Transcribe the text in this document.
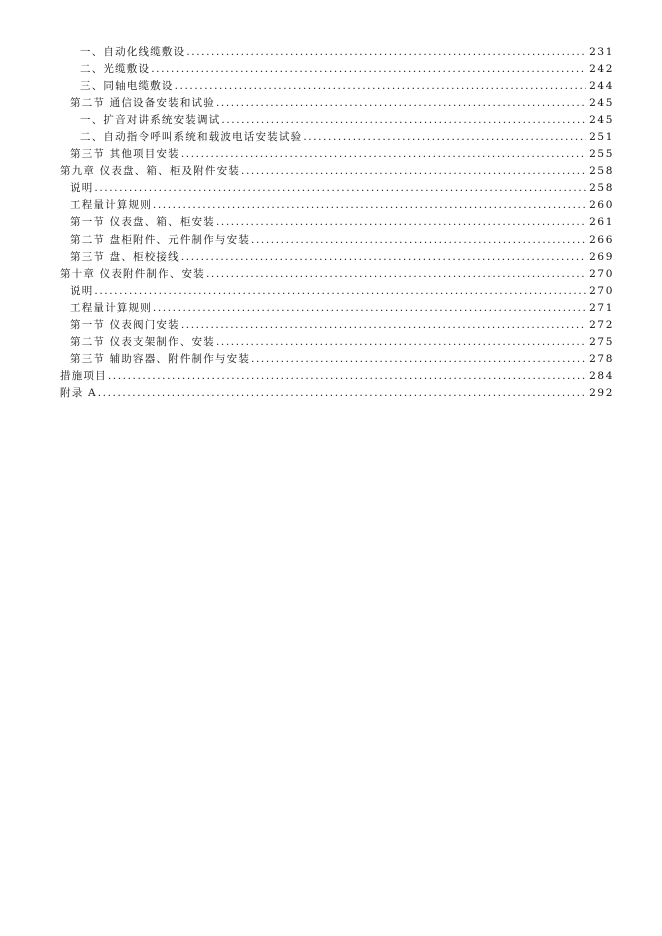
一、自动化线缆敷设 .....	231
二、光缆敷设 .....	242
三、同轴电缆敷设 .....	244
第二节 通信设备安装和试验 .....	245
一、扩音对讲系统安装调试 .....	245
二、自动指令呼叫系统和载波电话安装试验 .....	251
第三节 其他项目安装 .....	255
第九章 仪表盘、箱、柜及附件安装 .....	258
说明 .....	258
工程量计算规则 .....	260
第一节 仪表盘、箱、柜安装 .....	261
第二节 盘柜附件、元件制作与安装 .....	266
第三节 盘、柜校接线 .....	269
第十章 仪表附件制作、安装 .....	270
说明 .....	270
工程量计算规则 .....	271
第一节 仪表阀门安装 .....	272
第二节 仪表支架制作、安装 .....	275
第三节 辅助容器、附件制作与安装 .....	278
措施项目 .....	284
附录 A .....	292
